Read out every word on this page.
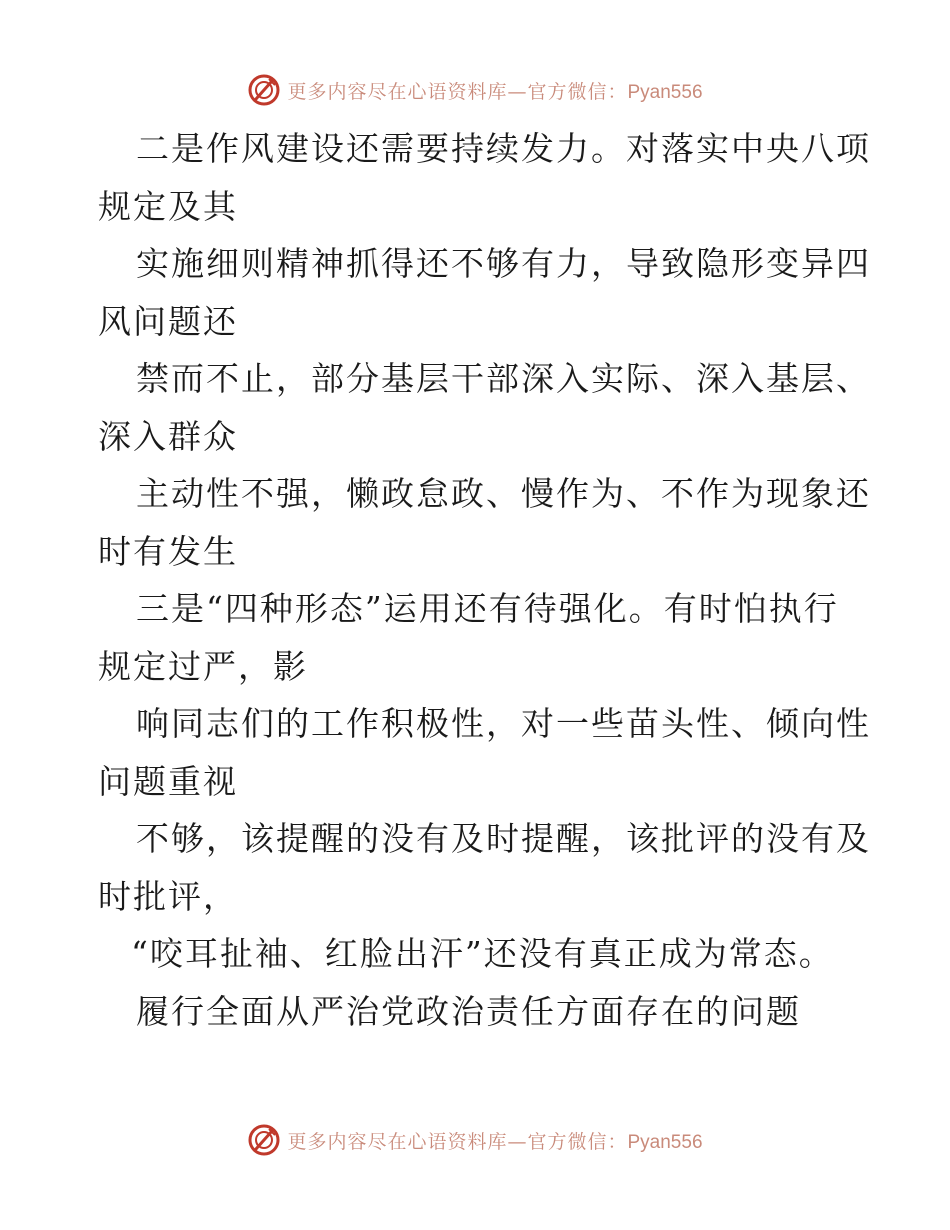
更多内容尽在心语资料库—官方微信：Pyan556
二是作风建设还需要持续发力。对落实中央八项
规定及其
实施细则精神抓得还不够有力，导致隐形变异四
风问题还
禁而不止，部分基层干部深入实际、深入基层、
深入群众
主动性不强，懒政怠政、慢作为、不作为现象还
时有发生
三是“四种形态”运用还有待强化。有时怕执行
规定过严，影
响同志们的工作积极性，对一些苗头性、倾向性
问题重视
不够，该提醒的没有及时提醒，该批评的没有及
时批评，
“咬耳扯袖、红脸出汗”还没有真正成为常态。
履行全面从严治党政治责任方面存在的问题
更多内容尽在心语资料库—官方微信：Pyan556
